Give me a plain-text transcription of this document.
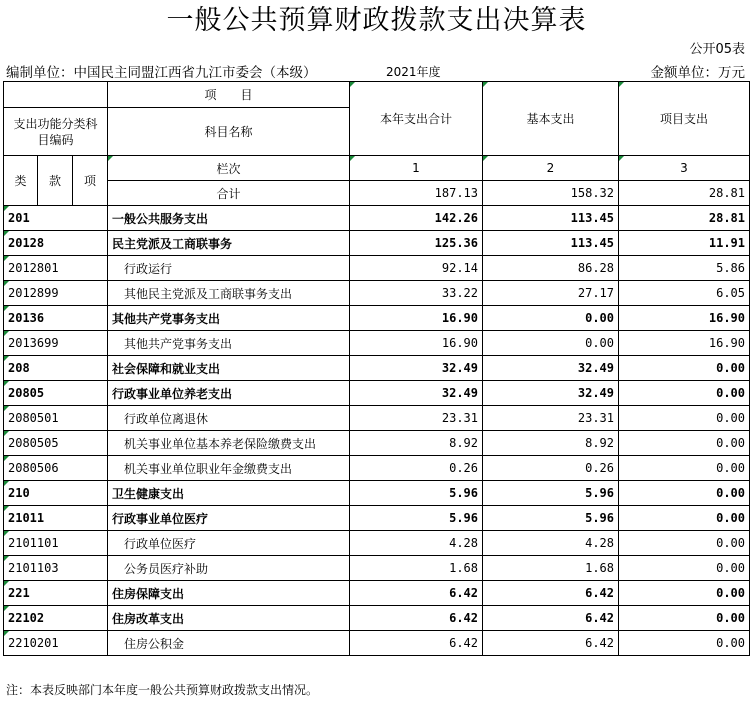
一般公共预算财政拨款支出决算表
公开05表
编制单位：中国民主同盟江西省九江市委会（本级）	2021年度	金额单位：万元
			项　　目	本年支出合计	基本支出	项目支出
支出功能分类科目编码			科目名称			

类	款	项	栏次	1	2	3
			合计	187.13	158.32	28.81
201			一般公共服务支出	142.26	113.45	28.81
20128			民主党派及工商联事务	125.36	113.45	11.91
2012801			行政运行	92.14	86.28	5.86
2012899			其他民主党派及工商联事务支出	33.22	27.17	6.05
20136			其他共产党事务支出	16.90	0.00	16.90
2013699			其他共产党事务支出	16.90	0.00	16.90
208			社会保障和就业支出	32.49	32.49	0.00
20805			行政事业单位养老支出	32.49	32.49	0.00
2080501			行政单位离退休	23.31	23.31	0.00
2080505			机关事业单位基本养老保险缴费支出	8.92	8.92	0.00
2080506			机关事业单位职业年金缴费支出	0.26	0.26	0.00
210			卫生健康支出	5.96	5.96	0.00
21011			行政事业单位医疗	5.96	5.96	0.00
2101101			行政单位医疗	4.28	4.28	0.00
2101103			公务员医疗补助	1.68	1.68	0.00
221			住房保障支出	6.42	6.42	0.00
22102			住房改革支出	6.42	6.42	0.00
2210201			住房公积金	6.42	6.42	0.00
注：本表反映部门本年度一般公共预算财政拨款支出情况。
